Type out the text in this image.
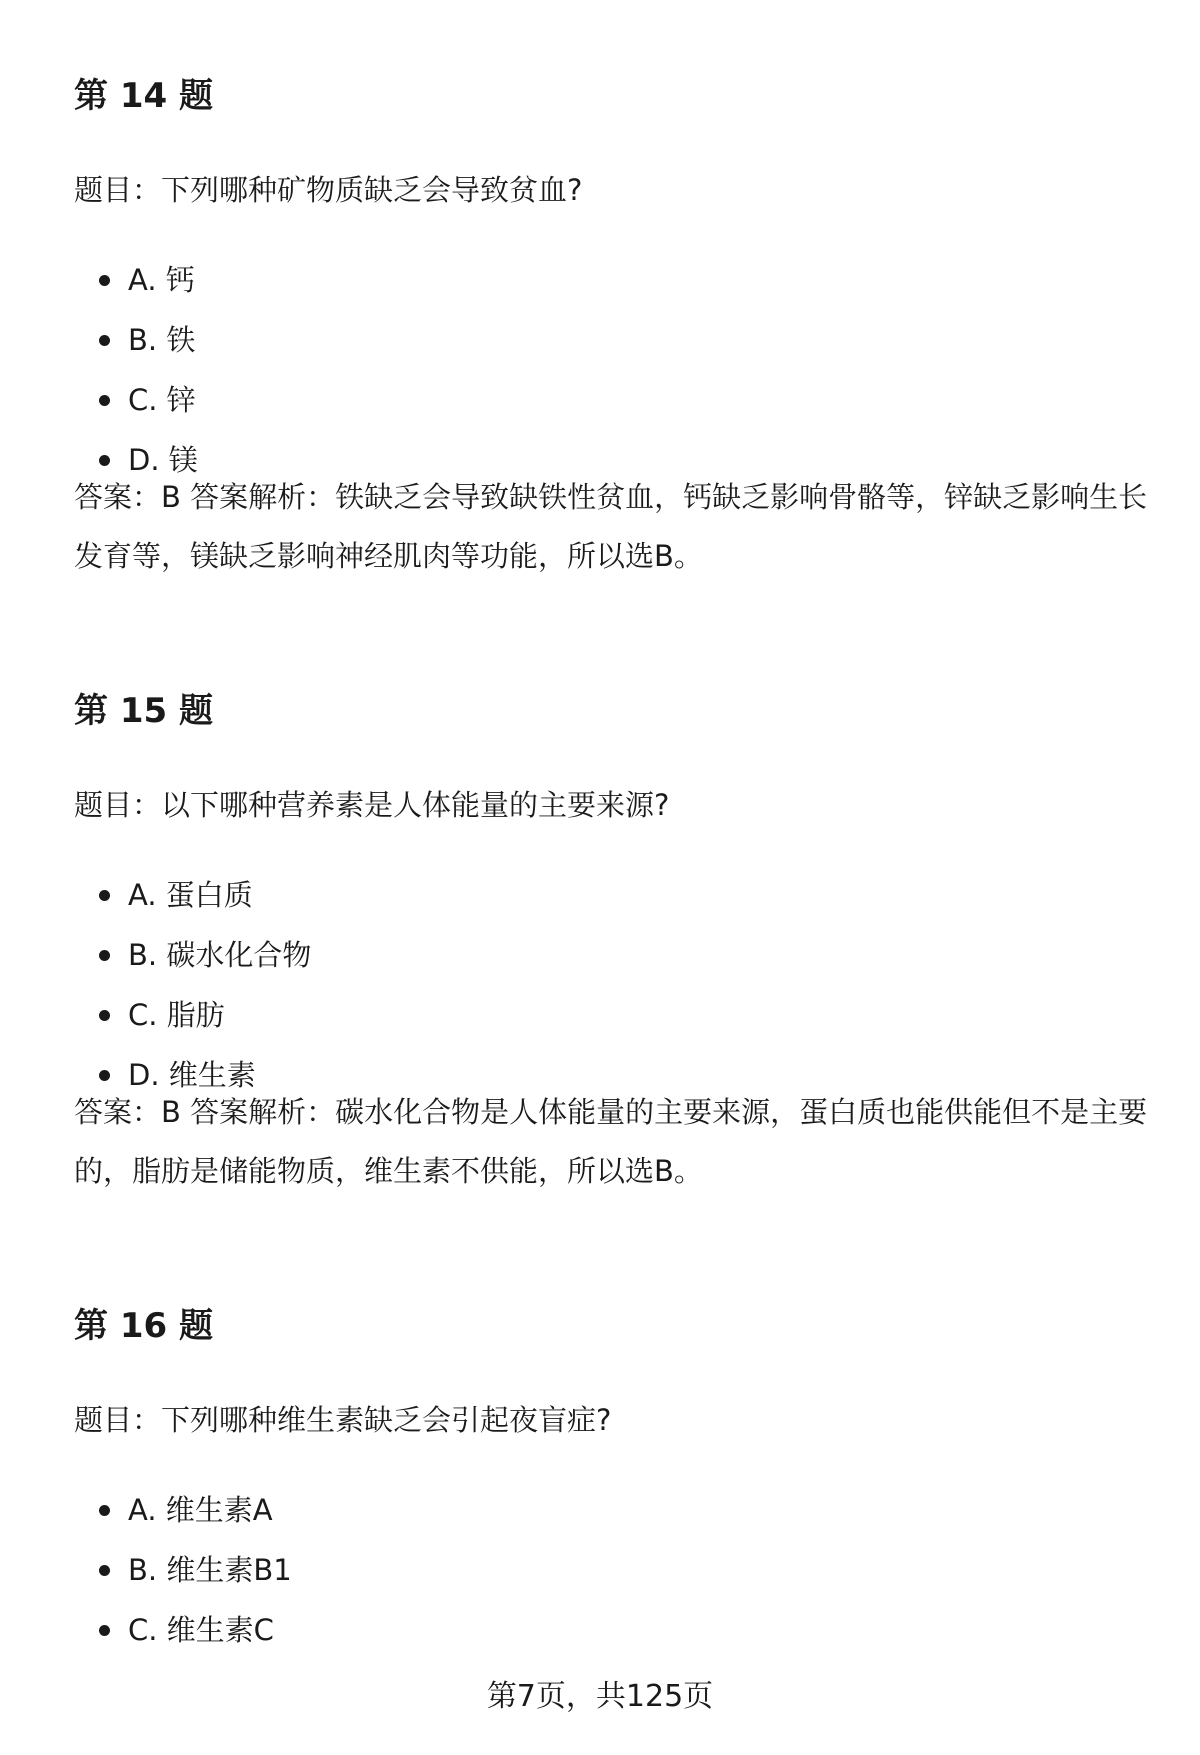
第 14 题

题目：下列哪种矿物质缺乏会导致贫血?

A. 钙
B. 铁
C. 锌
D. 镁

答案：B 答案解析：铁缺乏会导致缺铁性贫血，钙缺乏影响骨骼等，锌缺乏影响生长发育等，镁缺乏影响神经肌肉等功能，所以选B。

第 15 题

题目：以下哪种营养素是人体能量的主要来源?

A. 蛋白质
B. 碳水化合物
C. 脂肪
D. 维生素

答案：B 答案解析：碳水化合物是人体能量的主要来源，蛋白质也能供能但不是主要的，脂肪是储能物质，维生素不供能，所以选B。

第 16 题

题目：下列哪种维生素缺乏会引起夜盲症?

A. 维生素A
B. 维生素B1
C. 维生素C
第7页，共125页
